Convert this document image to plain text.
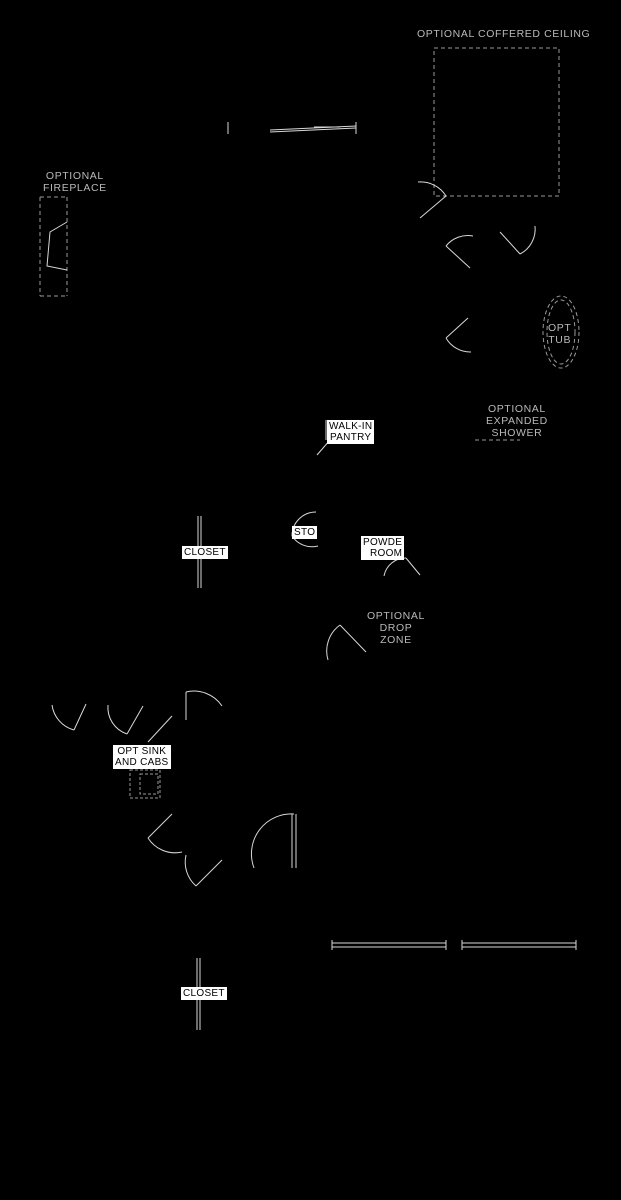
OPTIONAL COFFERED CEILING
OPTIONAL
FIREPLACE
OPT
TUB
OPTIONAL
EXPANDED
SHOWER
OPTIONAL
DROP
ZONE
WALK-IN
PANTRY
CLOSET
STO
POWDE
ROOM
OPT SINK
AND CABS
CLOSET
